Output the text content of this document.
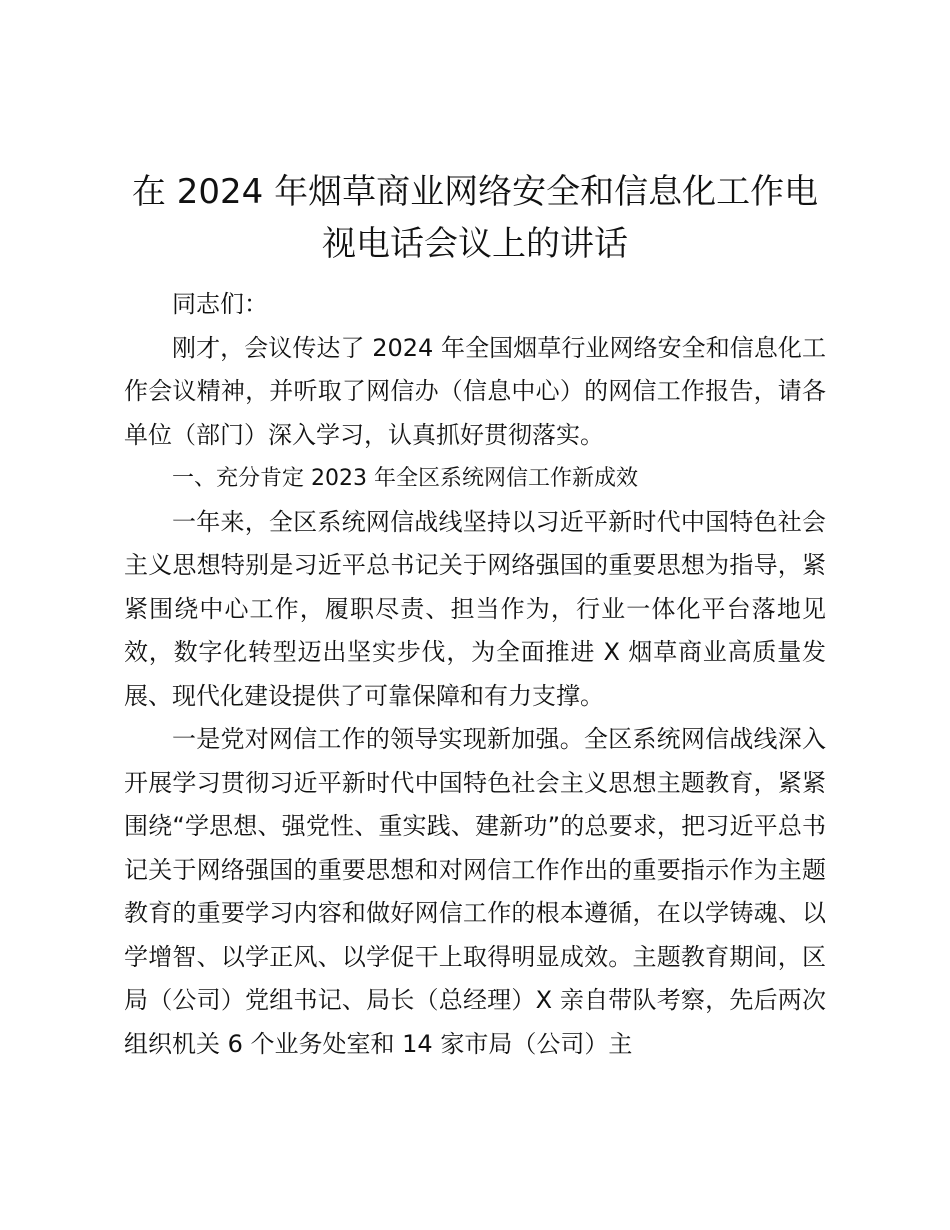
在 2024 年烟草商业网络安全和信息化工作电视电话会议上的讲话

同志们：

刚才，会议传达了 2024 年全国烟草行业网络安全和信息化工作会议精神，并听取了网信办（信息中心）的网信工作报告，请各单位（部门）深入学习，认真抓好贯彻落实。

一、充分肯定 2023 年全区系统网信工作新成效

一年来，全区系统网信战线坚持以习近平新时代中国特色社会主义思想特别是习近平总书记关于网络强国的重要思想为指导，紧紧围绕中心工作，履职尽责、担当作为，行业一体化平台落地见效，数字化转型迈出坚实步伐，为全面推进 X 烟草商业高质量发展、现代化建设提供了可靠保障和有力支撑。

一是党对网信工作的领导实现新加强。全区系统网信战线深入开展学习贯彻习近平新时代中国特色社会主义思想主题教育，紧紧围绕“学思想、强党性、重实践、建新功”的总要求，把习近平总书记关于网络强国的重要思想和对网信工作作出的重要指示作为主题教育的重要学习内容和做好网信工作的根本遵循，在以学铸魂、以学增智、以学正风、以学促干上取得明显成效。主题教育期间，区局（公司）党组书记、局长（总经理）X 亲自带队考察，先后两次组织机关 6 个业务处室和 14 家市局（公司）主
